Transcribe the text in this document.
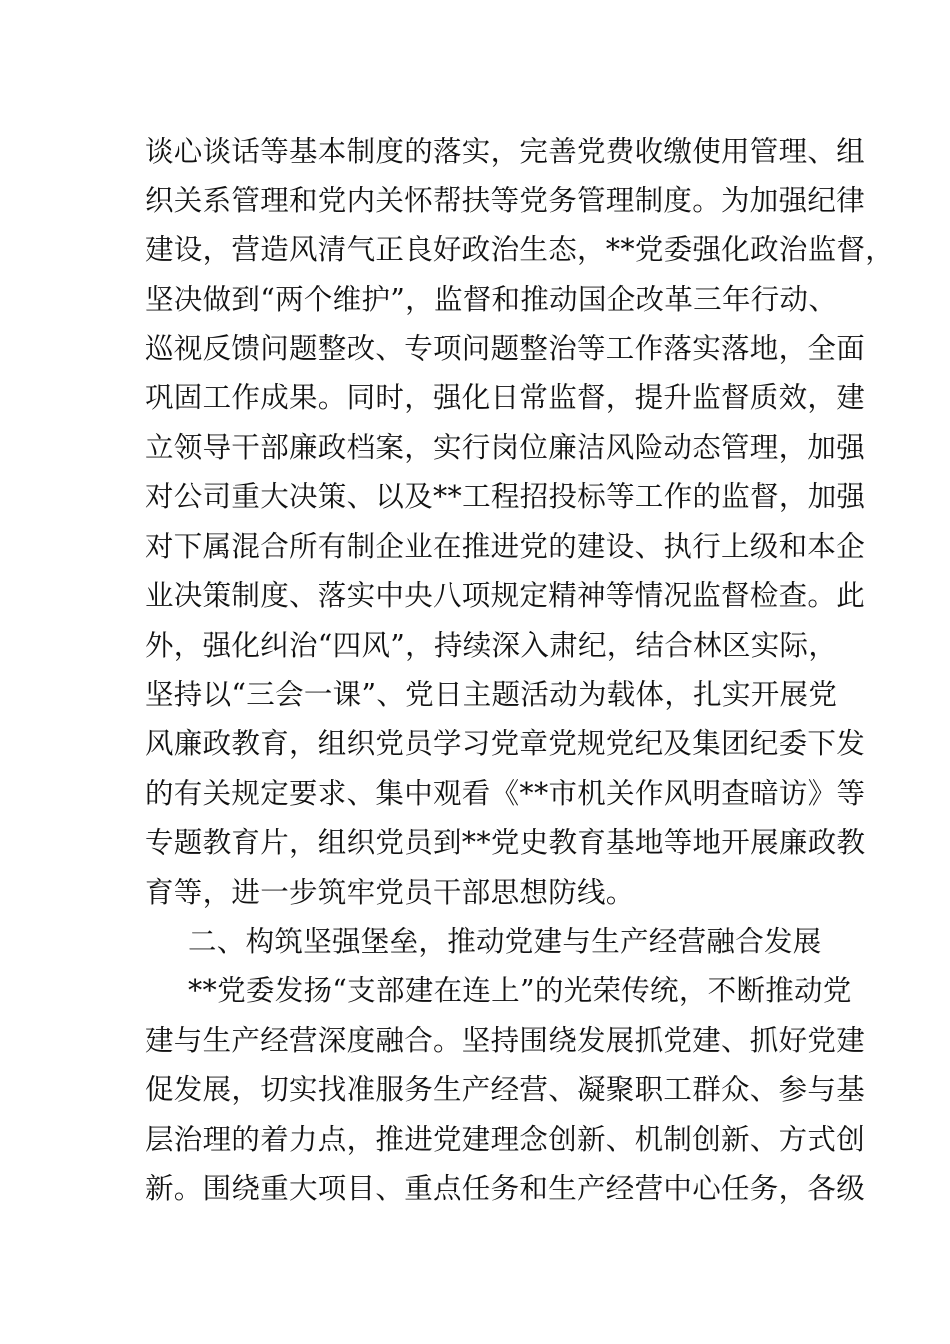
谈心谈话等基本制度的落实，完善党费收缴使用管理、组
织关系管理和党内关怀帮扶等党务管理制度。为加强纪律
建设，营造风清气正良好政治生态，**党委强化政治监督，
坚决做到“两个维护”，监督和推动国企改革三年行动、
巡视反馈问题整改、专项问题整治等工作落实落地，全面
巩固工作成果。同时，强化日常监督，提升监督质效，建
立领导干部廉政档案，实行岗位廉洁风险动态管理，加强
对公司重大决策、以及**工程招投标等工作的监督，加强
对下属混合所有制企业在推进党的建设、执行上级和本企
业决策制度、落实中央八项规定精神等情况监督检查。此
外，强化纠治“四风”，持续深入肃纪，结合林区实际，
坚持以“三会一课”、党日主题活动为载体，扎实开展党
风廉政教育，组织党员学习党章党规党纪及集团纪委下发
的有关规定要求、集中观看《**市机关作风明查暗访》等
专题教育片，组织党员到**党史教育基地等地开展廉政教
育等，进一步筑牢党员干部思想防线。
二、构筑坚强堡垒，推动党建与生产经营融合发展
**党委发扬“支部建在连上”的光荣传统，不断推动党
建与生产经营深度融合。坚持围绕发展抓党建、抓好党建
促发展，切实找准服务生产经营、凝聚职工群众、参与基
层治理的着力点，推进党建理念创新、机制创新、方式创
新。围绕重大项目、重点任务和生产经营中心任务，各级
